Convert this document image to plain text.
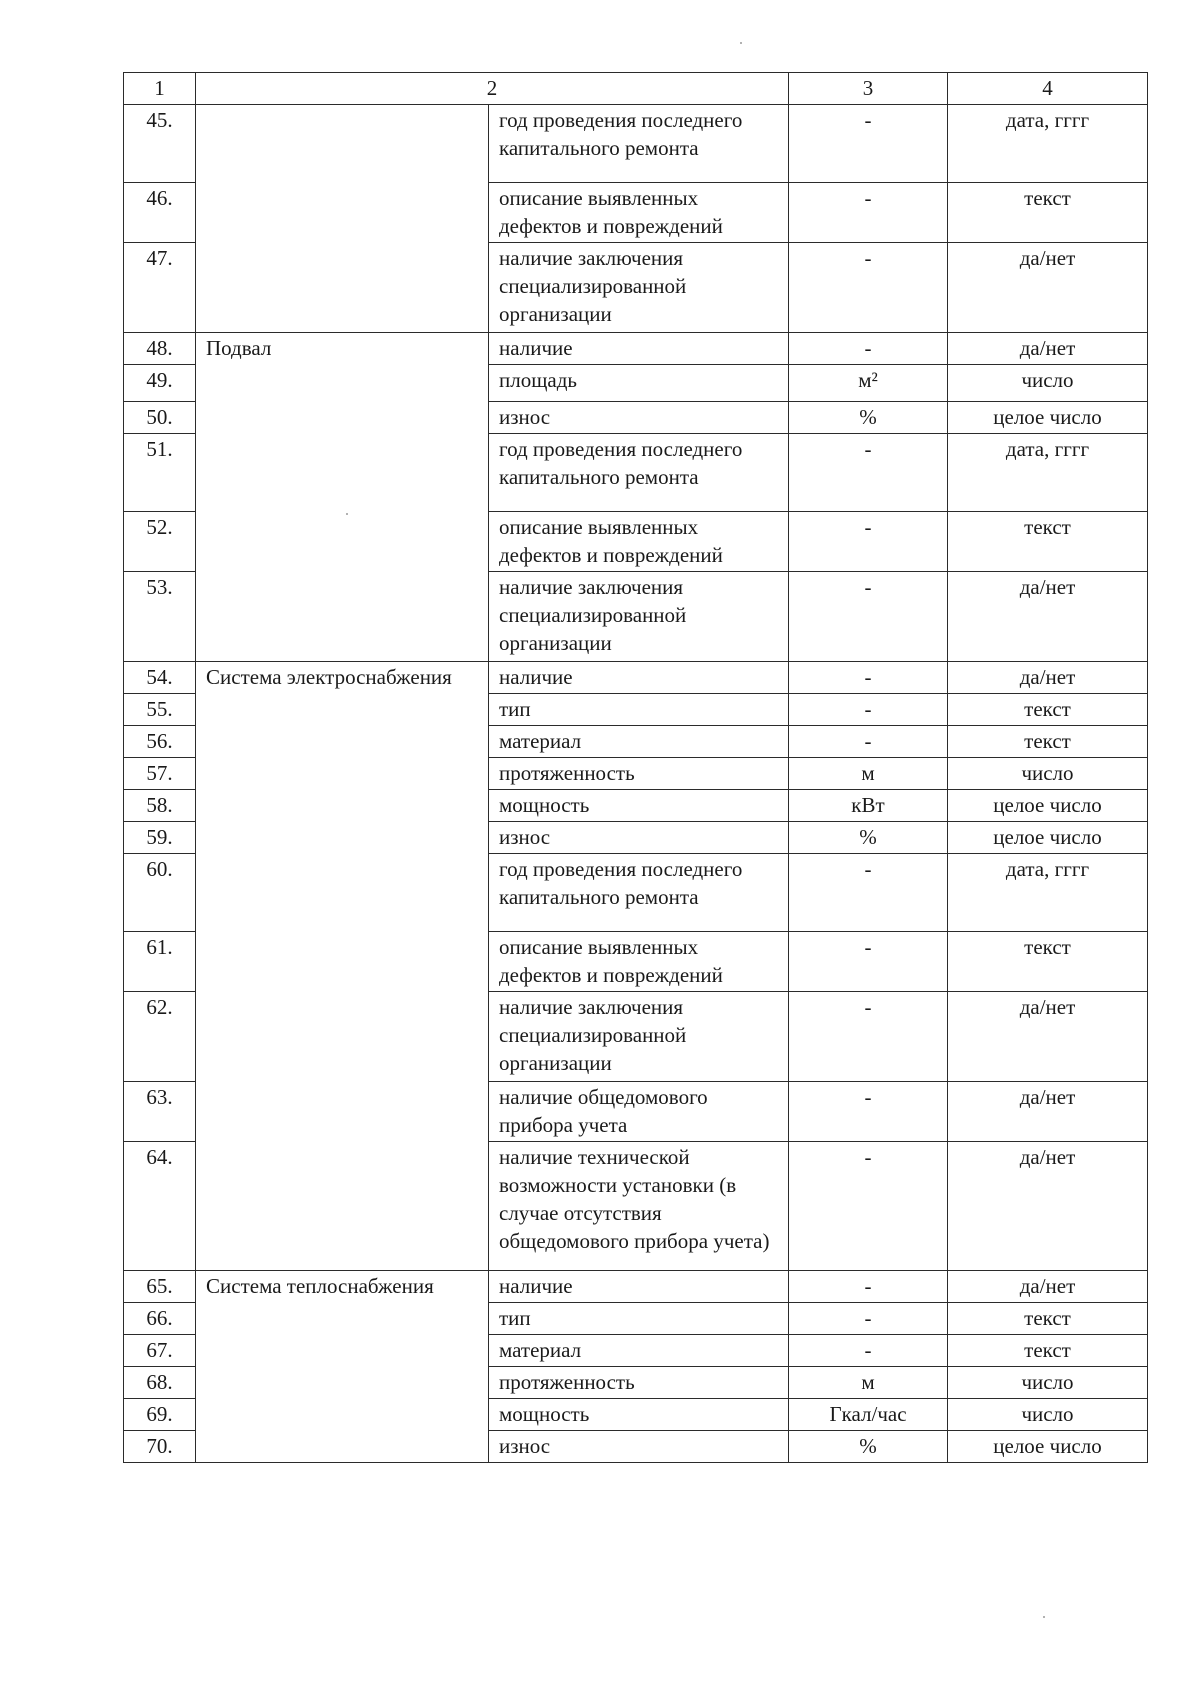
1	2		3	4
45.		год проведения последнего капитального ремонта	-	дата, гггг
46.		описание выявленных дефектов и повреждений	-	текст
47.		наличие заключения специализированной организации	-	да/нет
48.	Подвал	наличие	-	да/нет
49.		площадь	м²	число
50.		износ	%	целое число
51.		год проведения последнего капитального ремонта	-	дата, гггг
52.		описание выявленных дефектов и повреждений	-	текст
53.		наличие заключения специализированной организации	-	да/нет
54.	Система электроснабжения	наличие	-	да/нет
55.		тип	-	текст
56.		материал	-	текст
57.		протяженность	м	число
58.		мощность	кВт	целое число
59.		износ	%	целое число
60.		год проведения последнего капитального ремонта	-	дата, гггг
61.		описание выявленных дефектов и повреждений	-	текст
62.		наличие заключения специализированной организации	-	да/нет
63.		наличие общедомового прибора учета	-	да/нет
64.		наличие технической возможности установки (в случае отсутствия общедомового прибора учета)	-	да/нет
65.	Система теплоснабжения	наличие	-	да/нет
66.		тип	-	текст
67.		материал	-	текст
68.		протяженность	м	число
69.		мощность	Гкал/час	число
70.		износ	%	целое число
